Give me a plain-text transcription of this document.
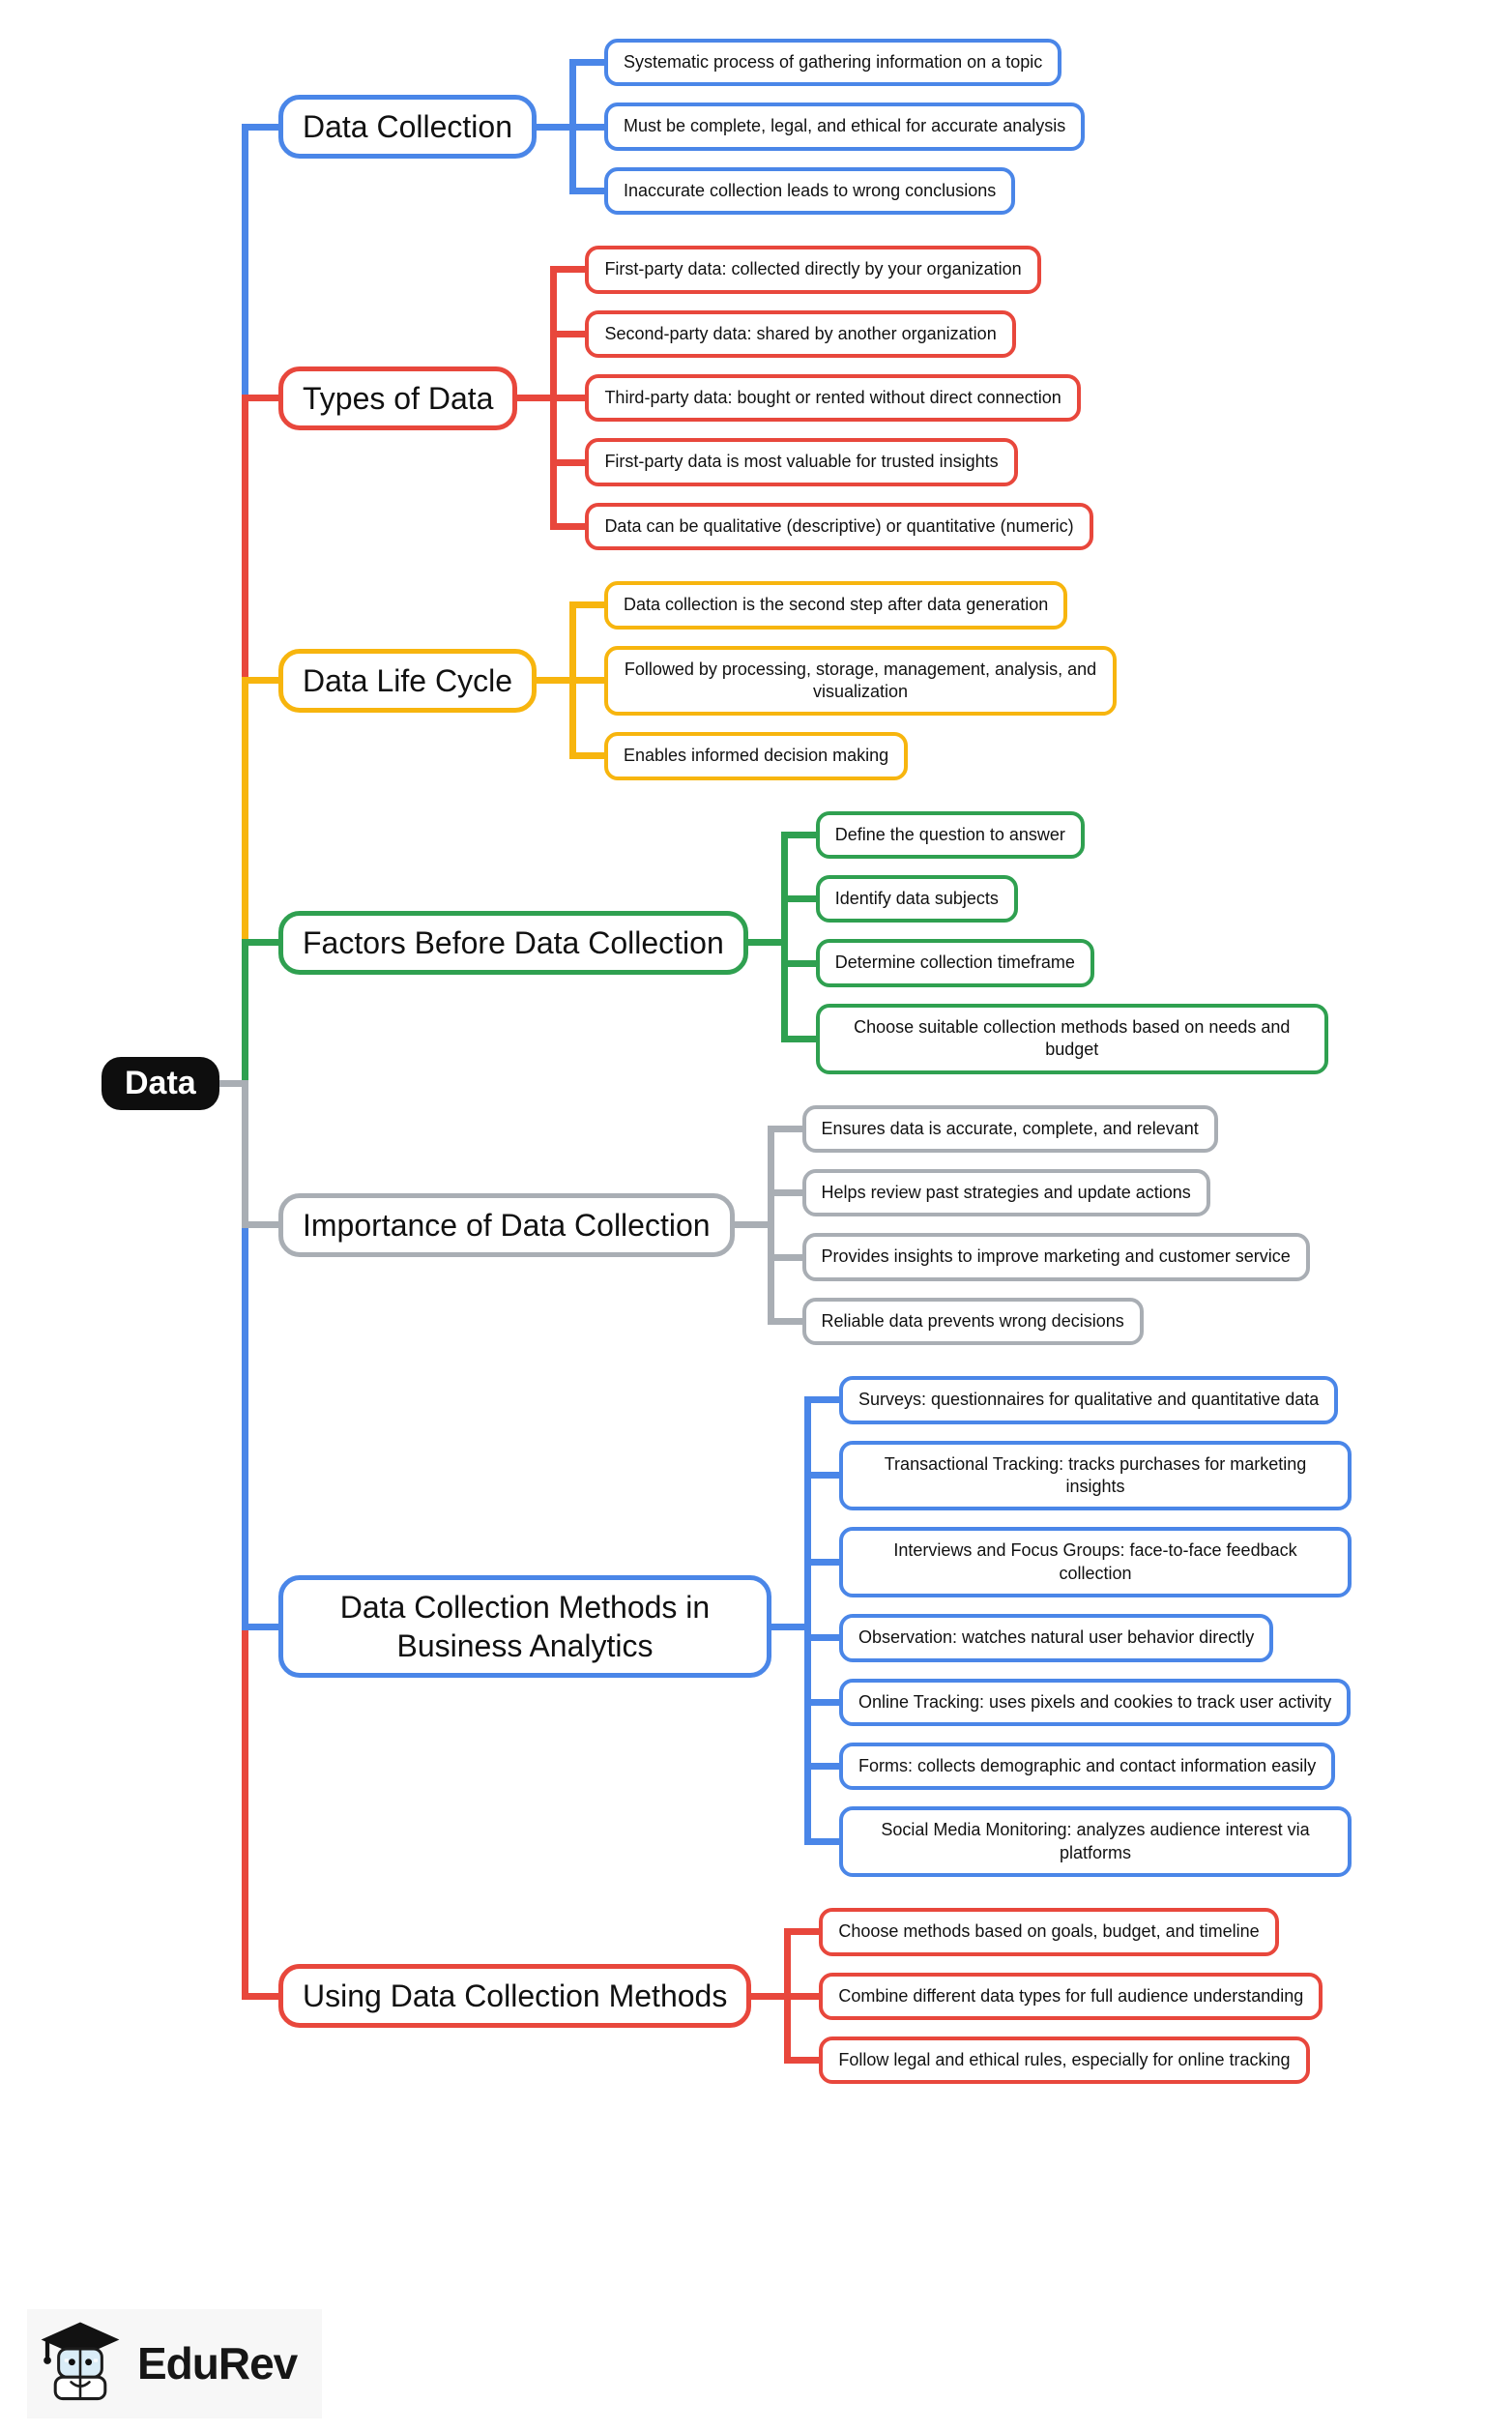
Data Collection
Systematic process of gathering information on a topic
Must be complete, legal, and ethical for accurate analysis
Inaccurate collection leads to wrong conclusions
Types of Data
First-party data: collected directly by your organization
Second-party data: shared by another organization
Third-party data: bought or rented without direct connection
First-party data is most valuable for trusted insights
Data can be qualitative (descriptive) or quantitative (numeric)
Data Life Cycle
Data collection is the second step after data generation
Followed by processing, storage, management, analysis, and visualization
Enables informed decision making
Factors Before Data Collection
Define the question to answer
Identify data subjects
Determine collection timeframe
Choose suitable collection methods based on needs and budget
Importance of Data Collection
Ensures data is accurate, complete, and relevant
Helps review past strategies and update actions
Provides insights to improve marketing and customer service
Reliable data prevents wrong decisions
Data Collection Methods in Business Analytics
Surveys: questionnaires for qualitative and quantitative data
Transactional Tracking: tracks purchases for marketing insights
Interviews and Focus Groups: face-to-face feedback collection
Observation: watches natural user behavior directly
Online Tracking: uses pixels and cookies to track user activity
Forms: collects demographic and contact information easily
Social Media Monitoring: analyzes audience interest via platforms
Using Data Collection Methods
Choose methods based on goals, budget, and timeline
Combine different data types for full audience understanding
Follow legal and ethical rules, especially for online tracking
Data
EduRev
